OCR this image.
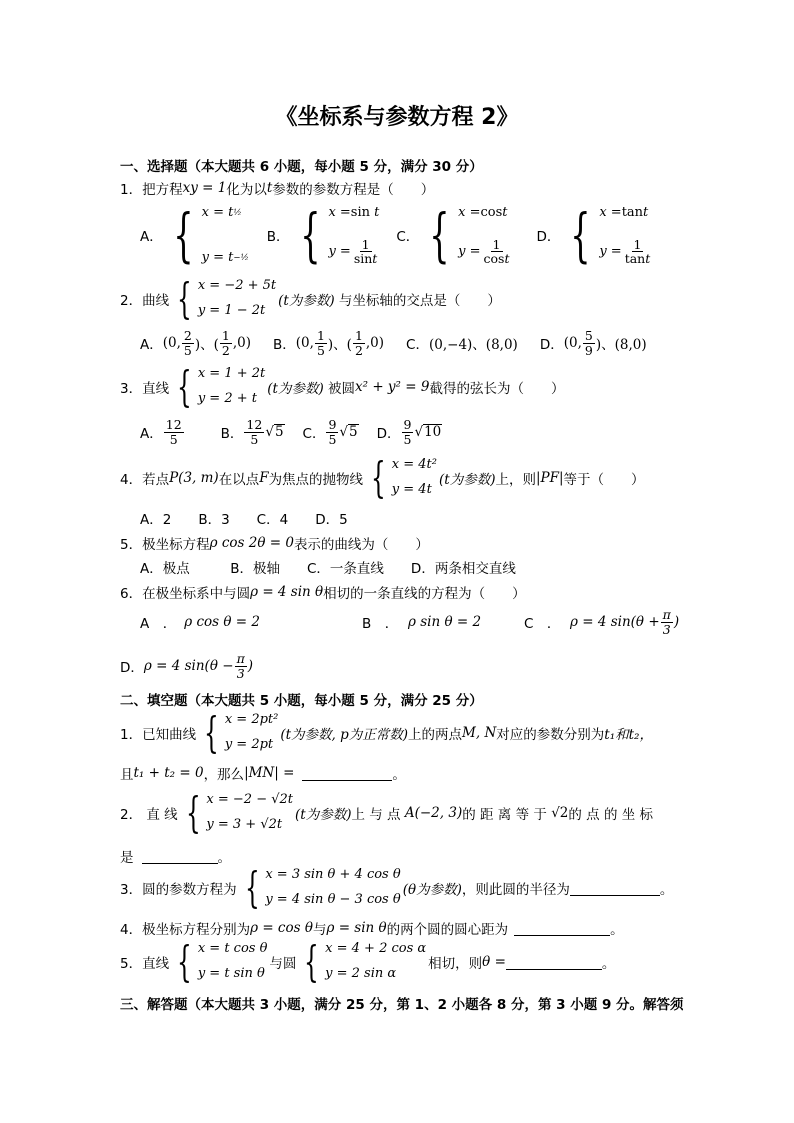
《坐标系与参数方程 2》
一、选择题（本大题共 6 小题，每小题 5 分，满分 30 分）
1．把方程 xy = 1 化为以 t 参数的参数方程是（　　）
A． { x = t ½
y = t −½
B． { x = sin t
$y = \frac{1}{\text{sin t}}$
C． { x = cos t
$y = \frac{1}{\text{cos t}}$
D． { x = tan t
$y = \frac{1}{\text{tan t}}$
2．曲线 { x = −2 + 5t
y = 1 − 2t
(t为参数)
与坐标轴的交点是（　　）
A． (0, $\frac{2}{5}$ )、( $\frac{1}{2} ,0$) B． (0, $\frac{1}{5}$ )、( $\frac{1}{2} ,0$) C． (0,−4)、(8,0) D． (0, $\frac{5}{9}$ )、(8,0)
3．直线 { x = 1 + 2t
y = 2 + t
(t为参数)
被圆 x² + y² = 9 截得的弦长为（　　）
A． $\frac{12}{5}$	B． $\frac{12}{5}$ √ 5 C． $\frac{9}{5}$ √ 5 D． $\frac{9}{5}$ √ 10
4．若点 P(3, m) 在以点 F 为焦点的抛物线 { x = 4t²
y = 4t
(t为参数) 上，则 |PF| 等于（　　）
A．2　　B．3　　C．4　　D．5
5．极坐标方程 ρ cos 2θ = 0 表示的曲线为（　　）
A．极点　　　B．极轴　　C．一条直线　　D．两条相交直线
6．在极坐标系中与圆 ρ = 4 sin θ 相切的一条直线的方程为（　　）
A　． ρ cos θ = 2	B　． ρ sin θ = 2	C　． ρ = 4 $\sin(\theta + \frac{\pi}{3}$ )
D． ρ = 4 $\sin(\theta - \frac{\pi}{3}$ )
二、填空题（本大题共 5 小题，每小题 5 分，满分 25 分）
1．已知曲线 { x = 2pt²
y = 2pt
(t为参数, p为正常数) 上的两点 M, N 对应的参数分别为 t₁和t₂，
且 t₁ + t₂ = 0 ，那么 |MN| =	。
2． 直 线 { x = −2 − √2t
y = 3 + √2t
(t为参数) 上 与 点
A(−2, 3) 的 距 离 等 于
√2 的 点 的 坐 标
是	。
3．圆的参数方程为 { x = 3 sin θ + 4 cos θ
y = 4 sin θ − 3 cos θ
(θ为参数) ，则此圆的半径为	。
4．极坐标方程分别为 ρ = cos θ 与 ρ = sin θ 的两个圆的圆心距为	。
5．直线 { x = t cos θ
y = t sin θ
与圆 { x = 4 + 2 cos α
y = 2 sin α
相切，则 θ =	。
三、解答题（本大题共 3 小题，满分 25 分，第 1、2 小题各 8 分，第 3 小题 9 分。解答须
